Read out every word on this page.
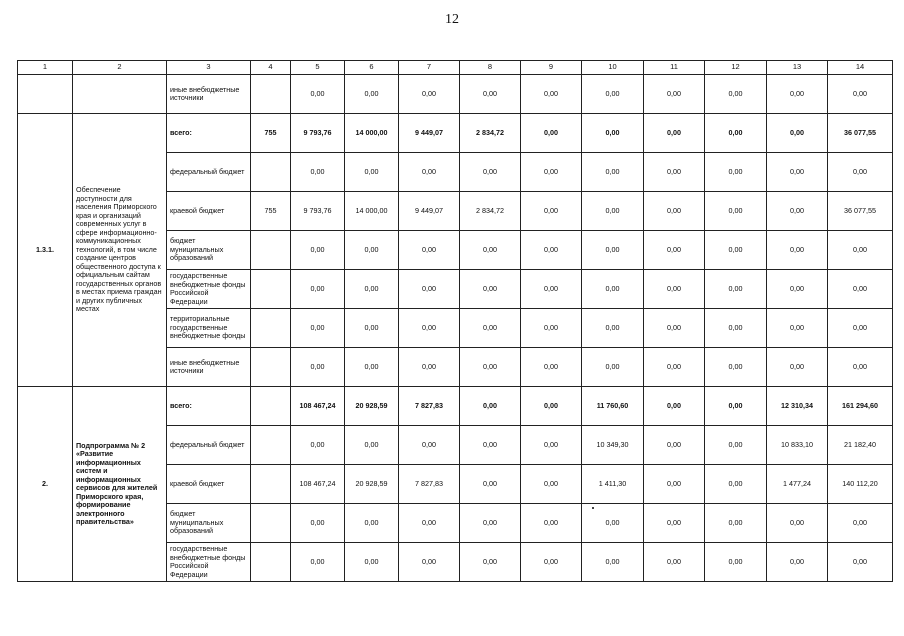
12
1	2	3	4	5	6	7	8	9	10	11	12	13	14
		иные внебюджетные источники		0,00	0,00	0,00	0,00	0,00	0,00	0,00	0,00	0,00	0,00
1.3.1.	Обеспечение доступности для населения Приморского края и организаций современных услуг в сфере информационно-коммуникационных технологий, в том числе создание центров общественного доступа к официальным сайтам государственных органов в местах приема граждан и других публичных местах	всего:	755	9 793,76	14 000,00	9 449,07	2 834,72	0,00	0,00	0,00	0,00	0,00	36 077,55
		федеральный бюджет		0,00	0,00	0,00	0,00	0,00	0,00	0,00	0,00	0,00	0,00
		краевой бюджет	755	9 793,76	14 000,00	9 449,07	2 834,72	0,00	0,00	0,00	0,00	0,00	36 077,55
		бюджет муниципальных образований		0,00	0,00	0,00	0,00	0,00	0,00	0,00	0,00	0,00	0,00
		государственные внебюджетные фонды Российской Федерации		0,00	0,00	0,00	0,00	0,00	0,00	0,00	0,00	0,00	0,00
		территориальные государственные внебюджетные фонды		0,00	0,00	0,00	0,00	0,00	0,00	0,00	0,00	0,00	0,00
		иные внебюджетные источники		0,00	0,00	0,00	0,00	0,00	0,00	0,00	0,00	0,00	0,00
2.	Подпрограмма № 2 «Развитие информационных систем и информационных сервисов для жителей Приморского края, формирование электронного правительства»	всего:		108 467,24	20 928,59	7 827,83	0,00	0,00	11 760,60	0,00	0,00	12 310,34	161 294,60
		федеральный бюджет		0,00	0,00	0,00	0,00	0,00	10 349,30	0,00	0,00	10 833,10	21 182,40
		краевой бюджет		108 467,24	20 928,59	7 827,83	0,00	0,00	1 411,30	0,00	0,00	1 477,24	140 112,20
		бюджет муниципальных образований		0,00	0,00	0,00	0,00	0,00	0,00	0,00	0,00	0,00	0,00
		государственные внебюджетные фонды Российской Федерации		0,00	0,00	0,00	0,00	0,00	0,00	0,00	0,00	0,00	0,00
